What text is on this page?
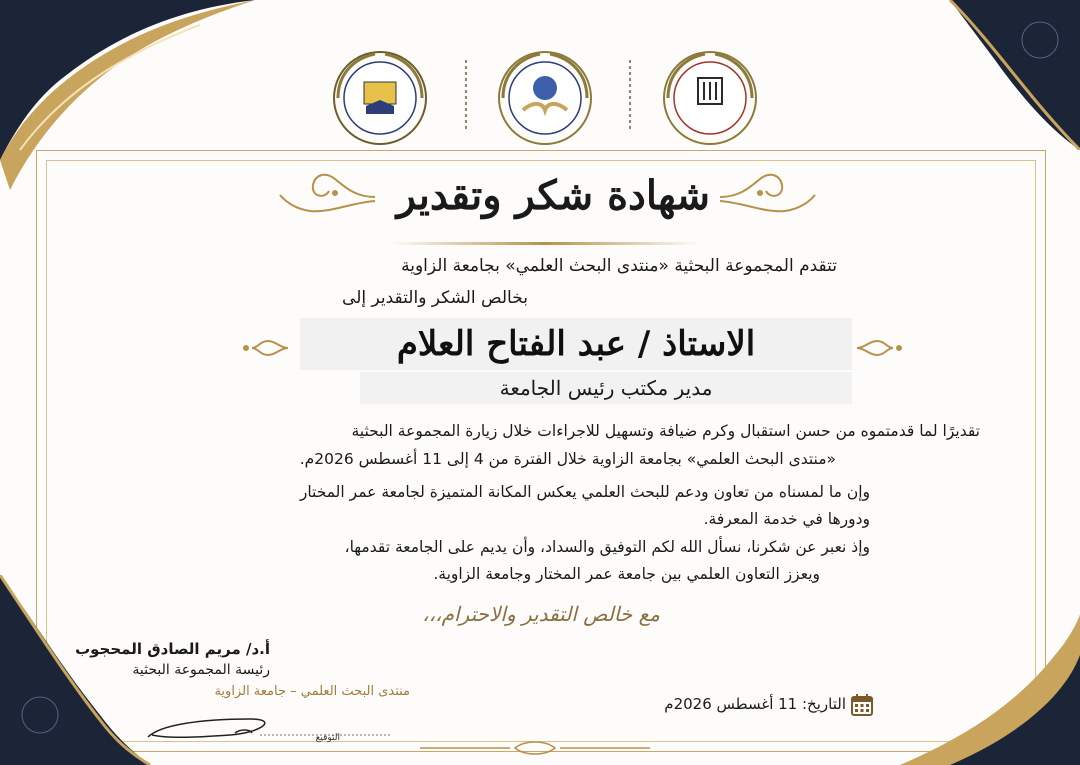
شهادة شكر وتقدير
تتقدم المجموعة البحثية «منتدى البحث العلمي» بجامعة الزاوية
بخالص الشكر والتقدير إلى
الاستاذ / عبد الفتاح العلام
مدير مكتب رئيس الجامعة
تقديرًا لما قدمتموه من حسن استقبال وكرم ضيافة وتسهيل للاجراءات خلال زيارة المجموعة البحثية
«منتدى البحث العلمي» بجامعة الزاوية خلال الفترة من 4 إلى 11 أغسطس 2026م.
وإن ما لمسناه من تعاون ودعم للبحث العلمي يعكس المكانة المتميزة لجامعة عمر المختار
ودورها في خدمة المعرفة.
وإذ نعبر عن شكرنا، نسأل الله لكم التوفيق والسداد، وأن يديم على الجامعة تقدمها،
ويعزز التعاون العلمي بين جامعة عمر المختار وجامعة الزاوية.
مع خالص التقدير والاحترام،،،
أ.د/ مريم الصادق المحجوب
رئيسة المجموعة البحثية
منتدى البحث العلمي – جامعة الزاوية
التوقيع
التاريخ: 11 أغسطس 2026م
